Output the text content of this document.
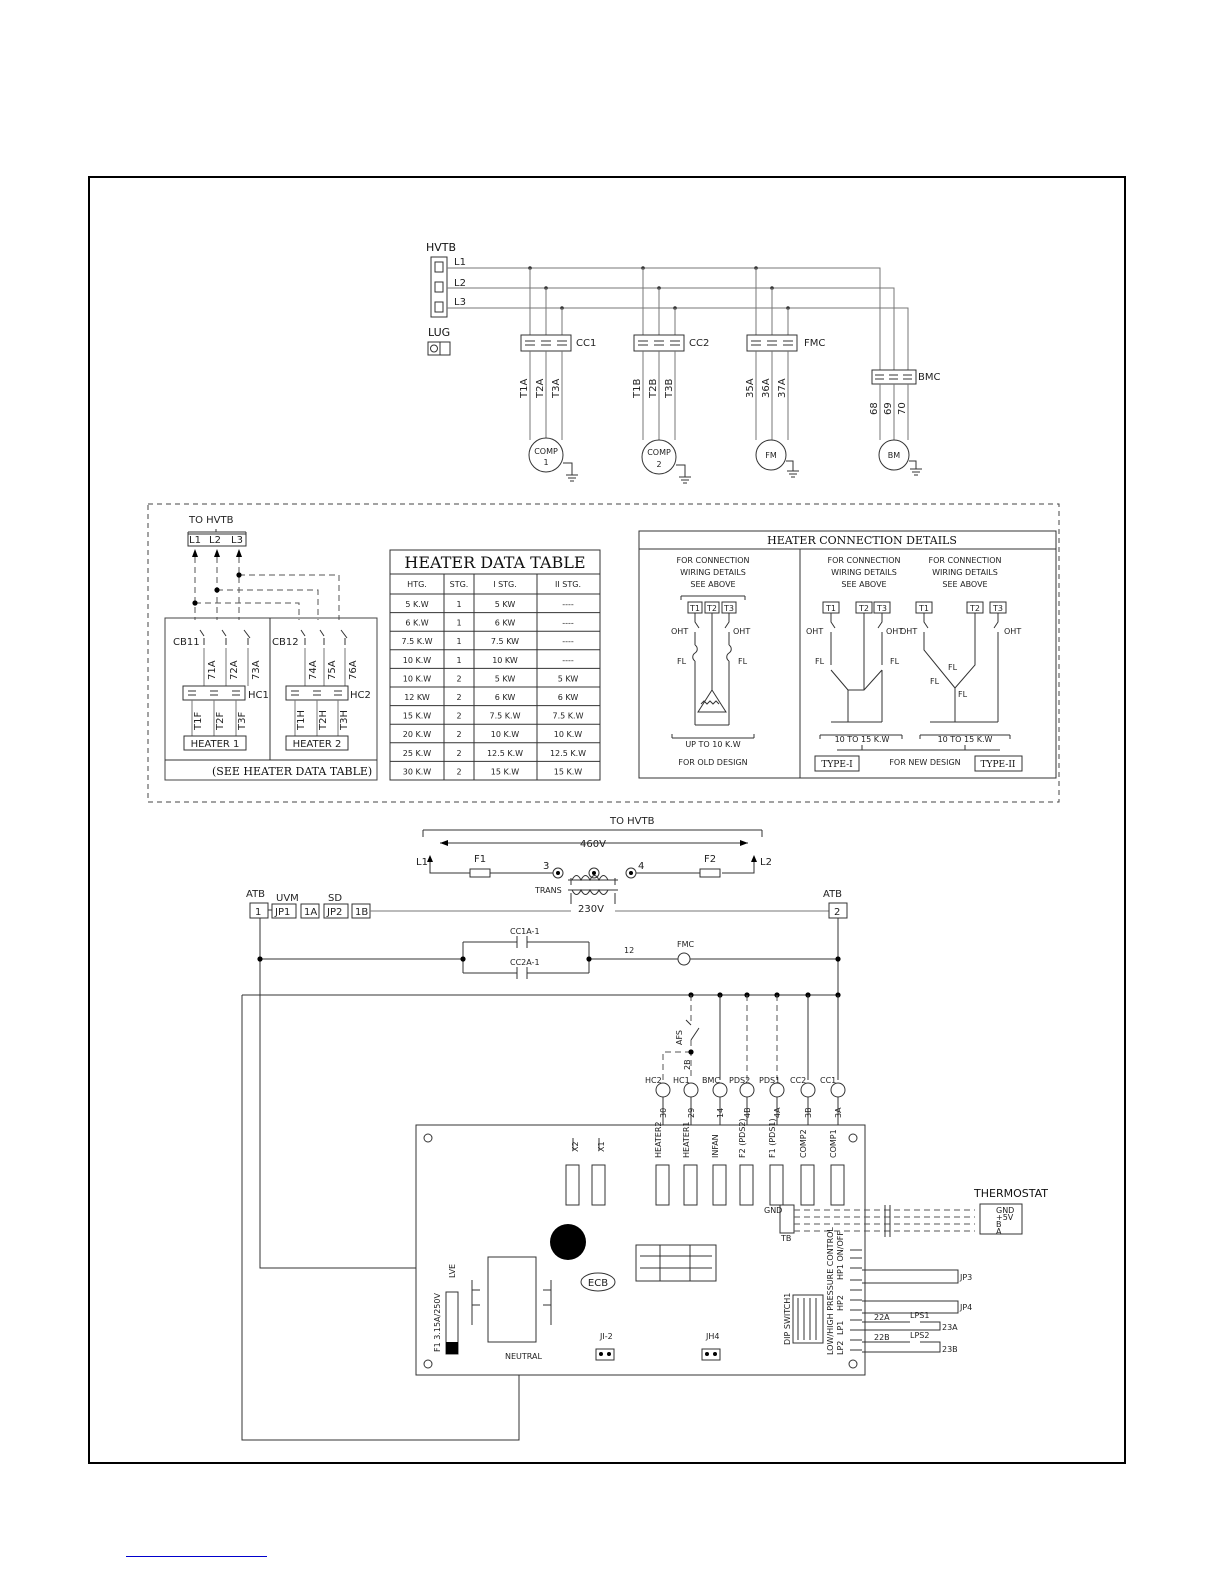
HVTB
L1
L2
L3
LUG
CC1
T1A T2A T3A
COMP
1
CC2
T1B T2B T3B
COMP
2
FMC
35A 36A 37A
FM
BMC
68 69 70
BM
TO HVTB
L1 L2 L3
CB11	CB12
71A 72A 73A	74A 75A 76A
HC1	HC2
T1F T2F T3F	T1H T2H T3H
HEATER 1	HEATER 2
(SEE HEATER DATA TABLE)
HEATER DATA TABLE
HTG.	STG.	I STG.	II STG.
5 K.W	1	5 KW	----
6 K.W	1	6 KW	----
7.5 K.W	1	7.5 KW	----
10 K.W	1	10 KW	----
10 K.W	2	5 KW	5 KW
12 KW	2	6 KW	6 KW
15 K.W	2	7.5 K.W	7.5 K.W
20 K.W	2	10 K.W	10 K.W
25 K.W	2	12.5 K.W	12.5 K.W
30 K.W	2	15 K.W	15 K.W
HEATER CONNECTION DETAILS
FOR CONNECTION
WIRING DETAILS
SEE ABOVE
T1 T2 T3
OHT	OHT
FL	FL
UP TO 10 K.W
FOR OLD DESIGN
FOR CONNECTION
WIRING DETAILS
SEE ABOVE
T1	T2 T3
OHT	OHT
FL	FL
10 TO 15 K.W
FOR CONNECTION
WIRING DETAILS
SEE ABOVE
T1	T2 T3
OHT	OHT
FL
FL
FL
10 TO 15 K.W
TYPE-I	FOR NEW DESIGN TYPE-II
TO HVTB
460V
L1	L2
F1	F2
3	4
TRANS
230V
ATB
1
UVM
JP1 1A
SD
JP2 1B
ATB
2
CC1A-1
CC2A-1
12
FMC
AFS
2B
HC2
30
HC1
29
BMC
14
PDS2
4B
PDS1
4A
CC2
3B
CC1
3A
X2 X1	HEATER2 HEATER1	INFAN F2 (PDS2)	F1 (PDS1)	COMP2	COMP1
ECB
LVE
F1 3.15A/250V
NEUTRAL
JI-2	JH4
GND
TB
THERMOSTAT
GND
+5V
B
A
LOW/HIGH PRESSURE CONTROL HP1 ON/OFF
HP2
LP1
LP2
JP3
JP4
22A	LPS1
23A
22B	LPS2
23B
DIP SWITCH1
